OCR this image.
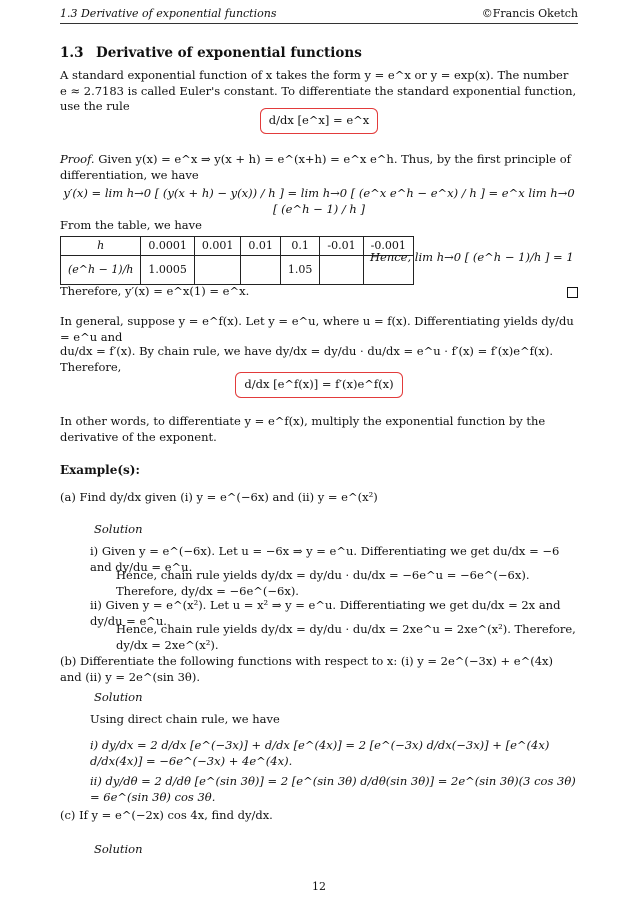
1.3 Derivative of exponential functions	©Francis Oketch
1.3 Derivative of exponential functions
A standard exponential function of x takes the form y = e^x or y = exp(x). The number e ≈ 2.7183 is called Euler's constant. To differentiate the standard exponential function, use the rule
d/dx [e^x] = e^x
Proof. Given y(x) = e^x ⇒ y(x + h) = e^(x+h) = e^x e^h. Thus, by the first principle of differentiation, we have
y′(x) = lim h→0 [ (y(x + h) − y(x)) / h ] = lim h→0 [ (e^x e^h − e^x) / h ] = e^x lim h→0 [ (e^h − 1) / h ]
From the table, we have
h	0.0001	0.001	0.01	0.1	-0.01	-0.001
(e^h − 1)/h	1.0005			1.05		
Hence, lim h→0 [ (e^h − 1)/h ] = 1
Therefore, y′(x) = e^x(1) = e^x.
In general, suppose y = e^f(x). Let y = e^u, where u = f(x). Differentiating yields dy/du = e^u and
du/dx = f′(x). By chain rule, we have dy/dx = dy/du · du/dx = e^u · f′(x) = f′(x)e^f(x). Therefore,
d/dx [e^f(x)] = f′(x)e^f(x)
In other words, to differentiate y = e^f(x), multiply the exponential function by the derivative of the exponent.
Example(s):
(a) Find dy/dx given (i) y = e^(−6x) and (ii) y = e^(x²)
Solution
i) Given y = e^(−6x). Let u = −6x ⇒ y = e^u. Differentiating we get du/dx = −6 and dy/du = e^u.
Hence, chain rule yields dy/dx = dy/du · du/dx = −6e^u = −6e^(−6x). Therefore, dy/dx = −6e^(−6x).
ii) Given y = e^(x²). Let u = x² ⇒ y = e^u. Differentiating we get du/dx = 2x and dy/du = e^u.
Hence, chain rule yields dy/dx = dy/du · du/dx = 2xe^u = 2xe^(x²). Therefore, dy/dx = 2xe^(x²).
(b) Differentiate the following functions with respect to x: (i) y = 2e^(−3x) + e^(4x) and (ii) y = 2e^(sin 3θ).
Solution
Using direct chain rule, we have
i) dy/dx = 2 d/dx [e^(−3x)] + d/dx [e^(4x)] = 2 [e^(−3x) d/dx(−3x)] + [e^(4x) d/dx(4x)] = −6e^(−3x) + 4e^(4x).
ii) dy/dθ = 2 d/dθ [e^(sin 3θ)] = 2 [e^(sin 3θ) d/dθ(sin 3θ)] = 2e^(sin 3θ)(3 cos 3θ) = 6e^(sin 3θ) cos 3θ.
(c) If y = e^(−2x) cos 4x, find dy/dx.
Solution
12
